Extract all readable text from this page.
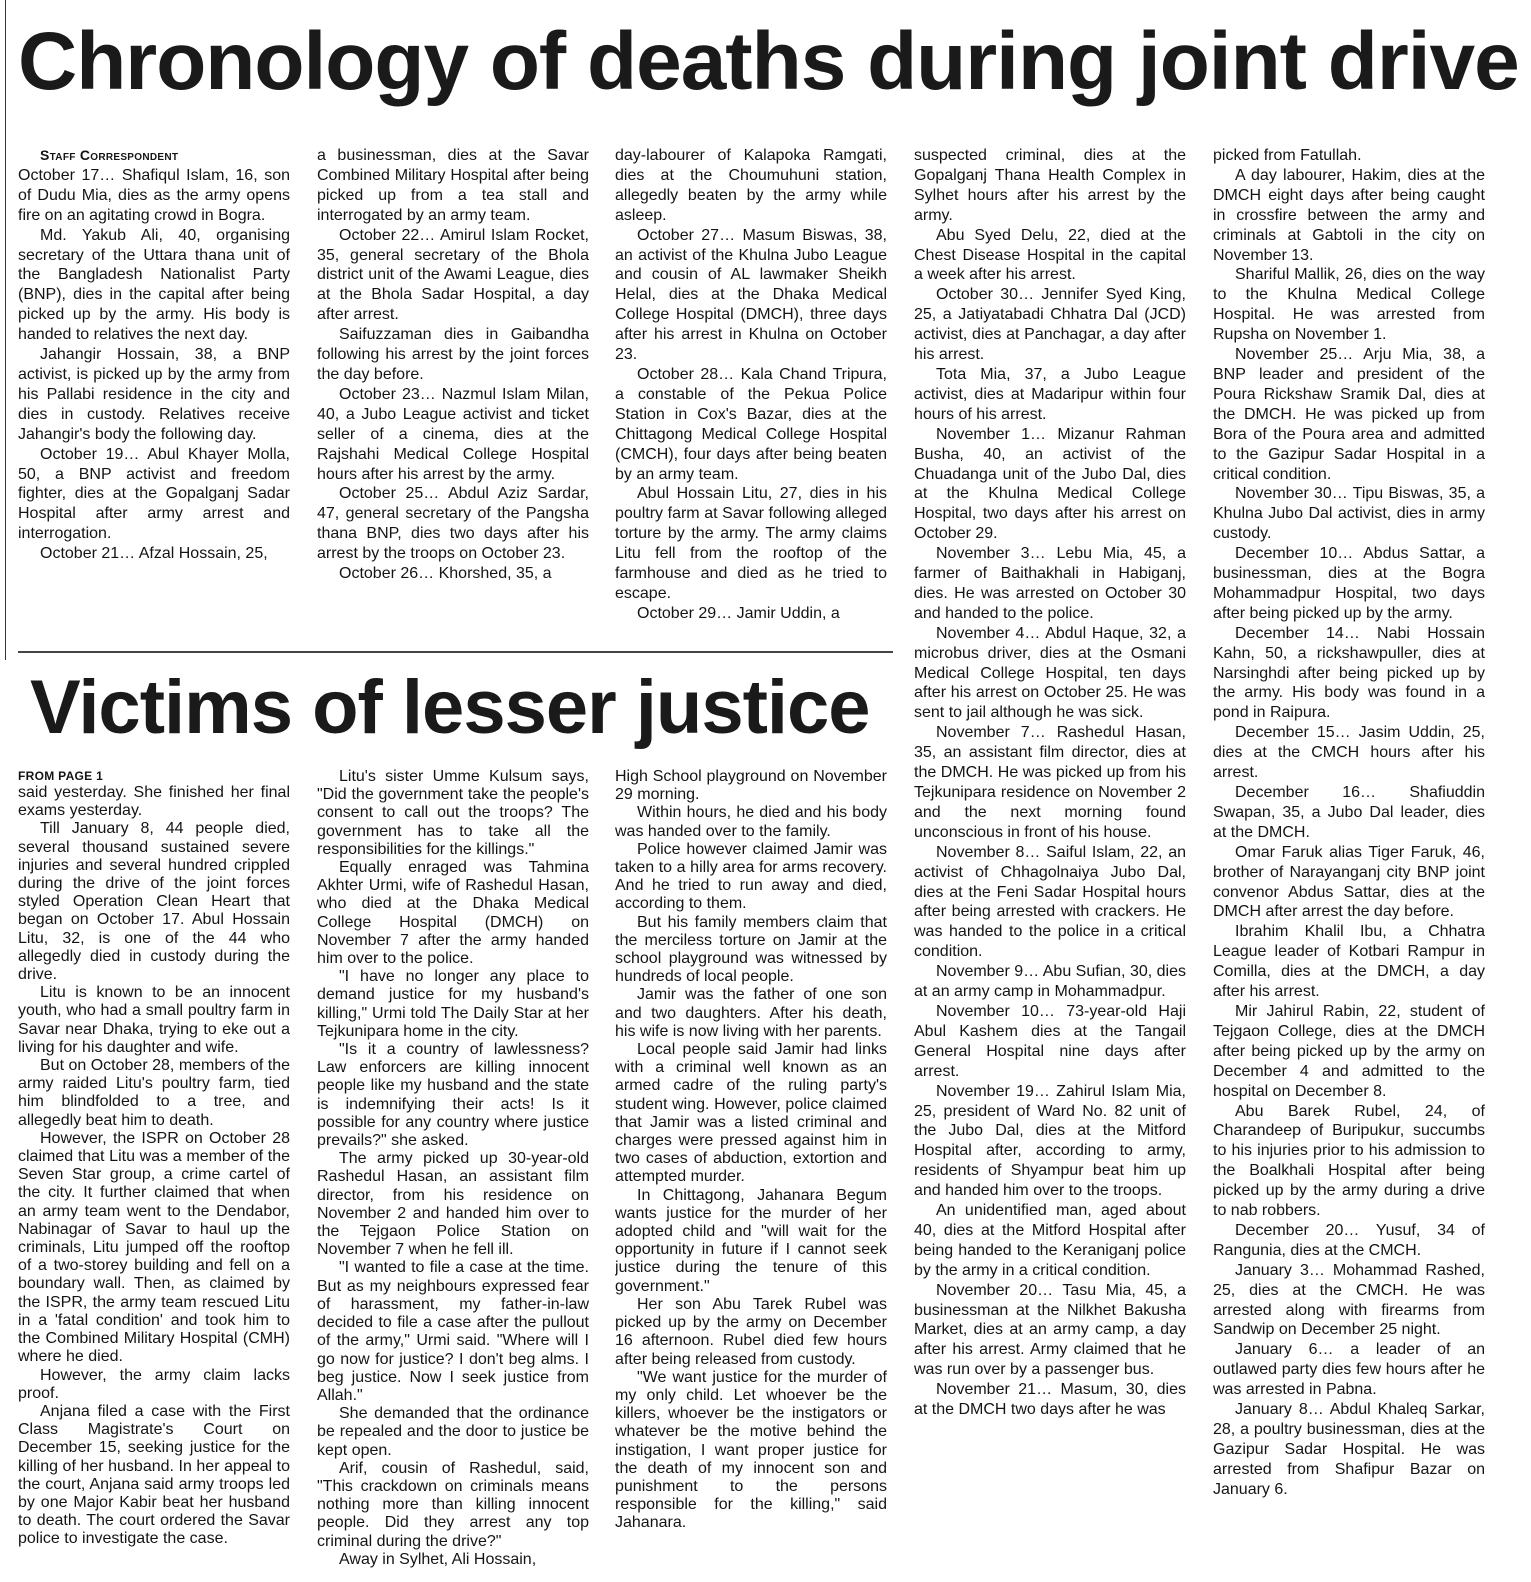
Chronology of deaths during joint drive

Staff Correspondent

October 17… Shafiqul Islam, 16, son of Dudu Mia, dies as the army opens fire on an agitating crowd in Bogra.

Md. Yakub Ali, 40, organising secretary of the Uttara thana unit of the Bangladesh Nationalist Party (BNP), dies in the capital after being picked up by the army. His body is handed to relatives the next day.

Jahangir Hossain, 38, a BNP activist, is picked up by the army from his Pallabi residence in the city and dies in custody. Relatives receive Jahangir's body the following day.

October 19… Abul Khayer Molla, 50, a BNP activist and freedom fighter, dies at the Gopalganj Sadar Hospital after army arrest and interrogation.

October 21… Afzal Hossain, 25,

a businessman, dies at the Savar Combined Military Hospital after being picked up from a tea stall and interrogated by an army team.

October 22… Amirul Islam Rocket, 35, general secretary of the Bhola district unit of the Awami League, dies at the Bhola Sadar Hospital, a day after arrest.

Saifuzzaman dies in Gaibandha following his arrest by the joint forces the day before.

October 23… Nazmul Islam Milan, 40, a Jubo League activist and ticket seller of a cinema, dies at the Rajshahi Medical College Hospital hours after his arrest by the army.

October 25… Abdul Aziz Sardar, 47, general secretary of the Pangsha thana BNP, dies two days after his arrest by the troops on October 23.

October 26… Khorshed, 35, a

day-labourer of Kalapoka Ramgati, dies at the Choumuhuni station, allegedly beaten by the army while asleep.

October 27… Masum Biswas, 38, an activist of the Khulna Jubo League and cousin of AL lawmaker Sheikh Helal, dies at the Dhaka Medical College Hospital (DMCH), three days after his arrest in Khulna on October 23.

October 28… Kala Chand Tripura, a constable of the Pekua Police Station in Cox's Bazar, dies at the Chittagong Medical College Hospital (CMCH), four days after being beaten by an army team.

Abul Hossain Litu, 27, dies in his poultry farm at Savar following alleged torture by the army. The army claims Litu fell from the rooftop of the farmhouse and died as he tried to escape.

October 29… Jamir Uddin, a

suspected criminal, dies at the Gopalganj Thana Health Complex in Sylhet hours after his arrest by the army.

Abu Syed Delu, 22, died at the Chest Disease Hospital in the capital a week after his arrest.

October 30… Jennifer Syed King, 25, a Jatiyatabadi Chhatra Dal (JCD) activist, dies at Panchagar, a day after his arrest.

Tota Mia, 37, a Jubo League activist, dies at Madaripur within four hours of his arrest.

November 1… Mizanur Rahman Busha, 40, an activist of the Chuadanga unit of the Jubo Dal, dies at the Khulna Medical College Hospital, two days after his arrest on October 29.

November 3… Lebu Mia, 45, a farmer of Baithakhali in Habiganj, dies. He was arrested on October 30 and handed to the police.

November 4… Abdul Haque, 32, a microbus driver, dies at the Osmani Medical College Hospital, ten days after his arrest on October 25. He was sent to jail although he was sick.

November 7… Rashedul Hasan, 35, an assistant film director, dies at the DMCH. He was picked up from his Tejkunipara residence on November 2 and the next morning found unconscious in front of his house.

November 8… Saiful Islam, 22, an activist of Chhagolnaiya Jubo Dal, dies at the Feni Sadar Hospital hours after being arrested with crackers. He was handed to the police in a critical condition.

November 9… Abu Sufian, 30, dies at an army camp in Mohammadpur.

November 10… 73-year-old Haji Abul Kashem dies at the Tangail General Hospital nine days after arrest.

November 19… Zahirul Islam Mia, 25, president of Ward No. 82 unit of the Jubo Dal, dies at the Mitford Hospital after, according to army, residents of Shyampur beat him up and handed him over to the troops.

An unidentified man, aged about 40, dies at the Mitford Hospital after being handed to the Keraniganj police by the army in a critical condition.

November 20… Tasu Mia, 45, a businessman at the Nilkhet Bakusha Market, dies at an army camp, a day after his arrest. Army claimed that he was run over by a passenger bus.

November 21… Masum, 30, dies at the DMCH two days after he was

picked from Fatullah.

A day labourer, Hakim, dies at the DMCH eight days after being caught in crossfire between the army and criminals at Gabtoli in the city on November 13.

Shariful Mallik, 26, dies on the way to the Khulna Medical College Hospital. He was arrested from Rupsha on November 1.

November 25… Arju Mia, 38, a BNP leader and president of the Poura Rickshaw Sramik Dal, dies at the DMCH. He was picked up from Bora of the Poura area and admitted to the Gazipur Sadar Hospital in a critical condition.

November 30… Tipu Biswas, 35, a Khulna Jubo Dal activist, dies in army custody.

December 10… Abdus Sattar, a businessman, dies at the Bogra Mohammadpur Hospital, two days after being picked up by the army.

December 14… Nabi Hossain Kahn, 50, a rickshawpuller, dies at Narsinghdi after being picked up by the army. His body was found in a pond in Raipura.

December 15… Jasim Uddin, 25, dies at the CMCH hours after his arrest.

December 16… Shafiuddin Swapan, 35, a Jubo Dal leader, dies at the DMCH.

Omar Faruk alias Tiger Faruk, 46, brother of Narayanganj city BNP joint convenor Abdus Sattar, dies at the DMCH after arrest the day before.

Ibrahim Khalil Ibu, a Chhatra League leader of Kotbari Rampur in Comilla, dies at the DMCH, a day after his arrest.

Mir Jahirul Rabin, 22, student of Tejgaon College, dies at the DMCH after being picked up by the army on December 4 and admitted to the hospital on December 8.

Abu Barek Rubel, 24, of Charandeep of Buripukur, succumbs to his injuries prior to his admission to the Boalkhali Hospital after being picked up by the army during a drive to nab robbers.

December 20… Yusuf, 34 of Rangunia, dies at the CMCH.

January 3… Mohammad Rashed, 25, dies at the CMCH. He was arrested along with firearms from Sandwip on December 25 night.

January 6… a leader of an outlawed party dies few hours after he was arrested in Pabna.

January 8… Abdul Khaleq Sarkar, 28, a poultry businessman, dies at the Gazipur Sadar Hospital. He was arrested from Shafipur Bazar on January 6.

Victims of lesser justice

FROM PAGE 1

said yesterday. She finished her final exams yesterday.

Till January 8, 44 people died, several thousand sustained severe injuries and several hundred crippled during the drive of the joint forces styled Operation Clean Heart that began on October 17. Abul Hossain Litu, 32, is one of the 44 who allegedly died in custody during the drive.

Litu is known to be an innocent youth, who had a small poultry farm in Savar near Dhaka, trying to eke out a living for his daughter and wife.

But on October 28, members of the army raided Litu's poultry farm, tied him blindfolded to a tree, and allegedly beat him to death.

However, the ISPR on October 28 claimed that Litu was a member of the Seven Star group, a crime cartel of the city. It further claimed that when an army team went to the Dendabor, Nabinagar of Savar to haul up the criminals, Litu jumped off the rooftop of a two-storey building and fell on a boundary wall. Then, as claimed by the ISPR, the army team rescued Litu in a 'fatal condition' and took him to the Combined Military Hospital (CMH) where he died.

However, the army claim lacks proof.

Anjana filed a case with the First Class Magistrate's Court on December 15, seeking justice for the killing of her husband. In her appeal to the court, Anjana said army troops led by one Major Kabir beat her husband to death. The court ordered the Savar police to investigate the case.

Litu's sister Umme Kulsum says, "Did the government take the people's consent to call out the troops? The government has to take all the responsibilities for the killings."

Equally enraged was Tahmina Akhter Urmi, wife of Rashedul Hasan, who died at the Dhaka Medical College Hospital (DMCH) on November 7 after the army handed him over to the police.

"I have no longer any place to demand justice for my husband's killing," Urmi told The Daily Star at her Tejkunipara home in the city.

"Is it a country of lawlessness? Law enforcers are killing innocent people like my husband and the state is indemnifying their acts! Is it possible for any country where justice prevails?" she asked.

The army picked up 30-year-old Rashedul Hasan, an assistant film director, from his residence on November 2 and handed him over to the Tejgaon Police Station on November 7 when he fell ill.

"I wanted to file a case at the time. But as my neighbours expressed fear of harassment, my father-in-law decided to file a case after the pullout of the army," Urmi said. "Where will I go now for justice? I don't beg alms. I beg justice. Now I seek justice from Allah."

She demanded that the ordinance be repealed and the door to justice be kept open.

Arif, cousin of Rashedul, said, "This crackdown on criminals means nothing more than killing innocent people. Did they arrest any top criminal during the drive?"

Away in Sylhet, Ali Hossain,

High School playground on November 29 morning.

Within hours, he died and his body was handed over to the family.

Police however claimed Jamir was taken to a hilly area for arms recovery. And he tried to run away and died, according to them.

But his family members claim that the merciless torture on Jamir at the school playground was witnessed by hundreds of local people.

Jamir was the father of one son and two daughters. After his death, his wife is now living with her parents.

Local people said Jamir had links with a criminal well known as an armed cadre of the ruling party's student wing. However, police claimed that Jamir was a listed criminal and charges were pressed against him in two cases of abduction, extortion and attempted murder.

In Chittagong, Jahanara Begum wants justice for the murder of her adopted child and "will wait for the opportunity in future if I cannot seek justice during the tenure of this government."

Her son Abu Tarek Rubel was picked up by the army on December 16 afternoon. Rubel died few hours after being released from custody.

"We want justice for the murder of my only child. Let whoever be the killers, whoever be the instigators or whatever be the motive behind the instigation, I want proper justice for the death of my innocent son and punishment to the persons responsible for the killing," said Jahanara.
